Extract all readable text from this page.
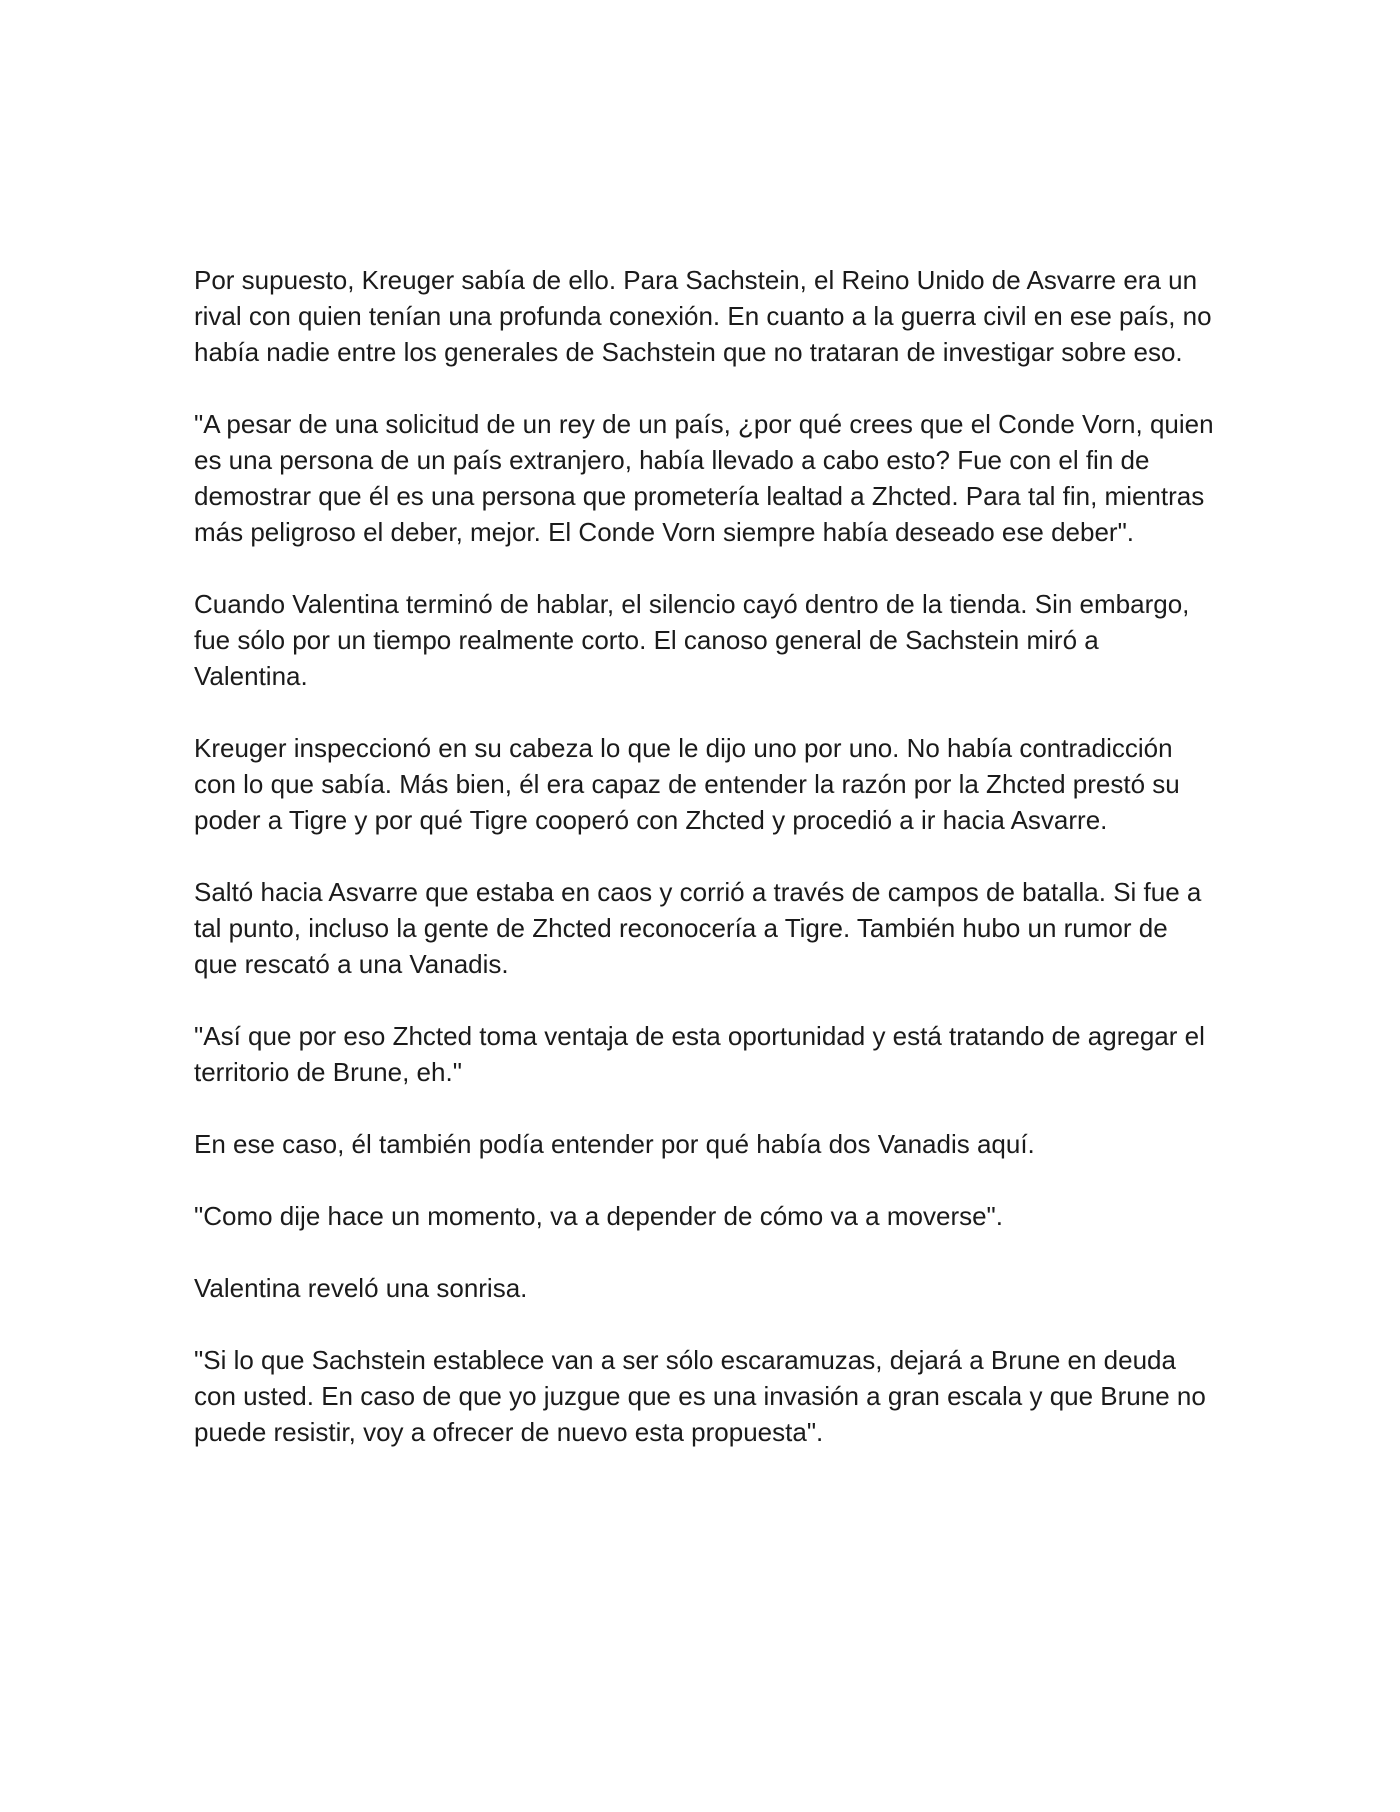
Por supuesto, Kreuger sabía de ello. Para Sachstein, el Reino Unido de Asvarre era un rival con quien tenían una profunda conexión. En cuanto a la guerra civil en ese país, no había nadie entre los generales de Sachstein que no trataran de investigar sobre eso.

"A pesar de una solicitud de un rey de un país, ¿por qué crees que el Conde Vorn, quien es una persona de un país extranjero, había llevado a cabo esto? Fue con el fin de demostrar que él es una persona que prometería lealtad a Zhcted. Para tal fin, mientras más peligroso el deber, mejor. El Conde Vorn siempre había deseado ese deber".

Cuando Valentina terminó de hablar, el silencio cayó dentro de la tienda. Sin embargo, fue sólo por un tiempo realmente corto. El canoso general de Sachstein miró a Valentina.

Kreuger inspeccionó en su cabeza lo que le dijo uno por uno. No había contradicción con lo que sabía. Más bien, él era capaz de entender la razón por la Zhcted prestó su poder a Tigre y por qué Tigre cooperó con Zhcted y procedió a ir hacia Asvarre.

Saltó hacia Asvarre que estaba en caos y corrió a través de campos de batalla. Si fue a tal punto, incluso la gente de Zhcted reconocería a Tigre. También hubo un rumor de que rescató a una Vanadis.

"Así que por eso Zhcted toma ventaja de esta oportunidad y está tratando de agregar el territorio de Brune, eh."

En ese caso, él también podía entender por qué había dos Vanadis aquí.

"Como dije hace un momento, va a depender de cómo va a moverse".

Valentina reveló una sonrisa.

"Si lo que Sachstein establece van a ser sólo escaramuzas, dejará a Brune en deuda con usted. En caso de que yo juzgue que es una invasión a gran escala y que Brune no puede resistir, voy a ofrecer de nuevo esta propuesta".
